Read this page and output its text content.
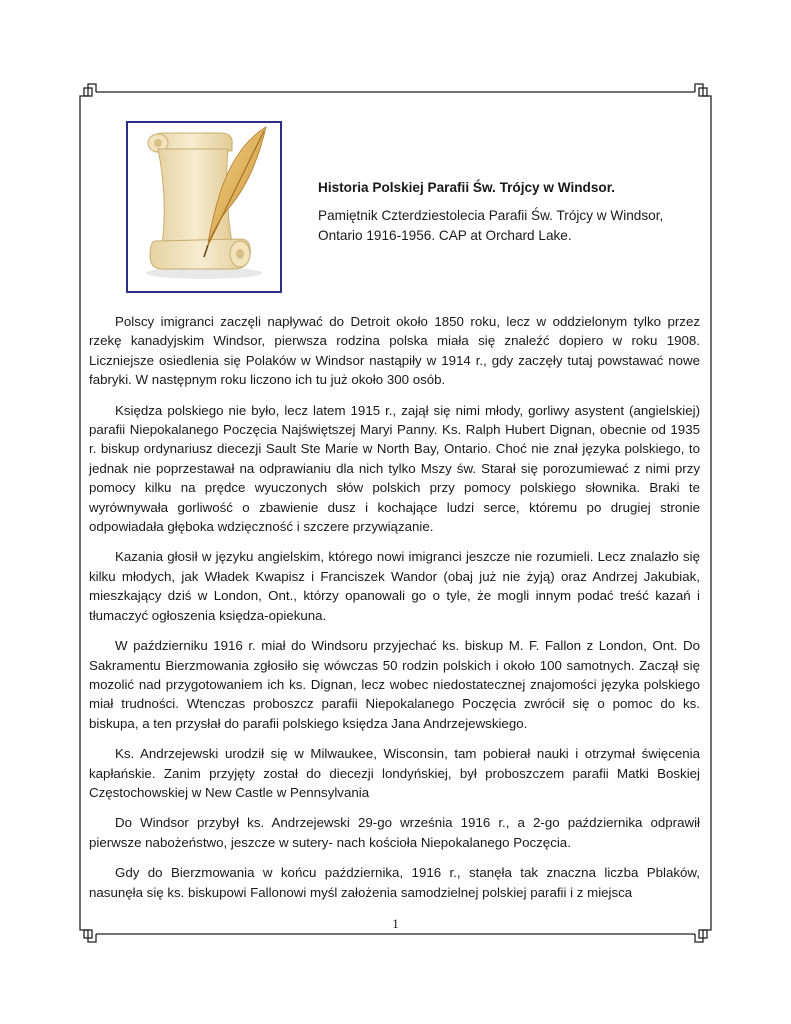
Historia Polskiej Parafii Św. Trójcy w Windsor.

Pamiętnik Czterdziestolecia Parafii Św. Trójcy w Windsor,
Ontario 1916-1956. CAP at Orchard Lake.

Polscy imigranci zaczęli napływać do Detroit około 1850 roku, lecz w oddzielonym tylko przez rzekę kanadyjskim Windsor, pierwsza rodzina polska miała się znaleźć dopiero w roku 1908. Liczniejsze osiedlenia się Polaków w Windsor nastąpiły w 1914 r., gdy zaczęły tutaj powstawać nowe fabryki. W następnym roku liczono ich tu już około 300 osób.

Księdza polskiego nie było, lecz latem 1915 r., zajął się nimi młody, gorliwy asystent (angielskiej) parafii Niepokalanego Poczęcia Najświętszej Maryi Panny. Ks. Ralph Hubert Dignan, obecnie od 1935 r. biskup ordynariusz diecezji Sault Ste Marie w North Bay, Ontario. Choć nie znał języka polskiego, to jednak nie poprzestawał na odprawianiu dla nich tylko Mszy św. Starał się porozumiewać z nimi przy pomocy kilku na prędce wyuczonych słów polskich przy pomocy polskiego słownika. Braki te wyrównywała gorliwość o zbawienie dusz i kochające ludzi serce, któremu po drugiej stronie odpowiadała głęboka wdzięczność i szczere przywiązanie.

Kazania głosił w języku angielskim, którego nowi imigranci jeszcze nie rozumieli. Lecz znalazło się kilku młodych, jak Władek Kwapisz i Franciszek Wandor (obaj już nie żyją) oraz Andrzej Jakubiak, mieszkający dziś w London, Ont., którzy opanowali go o tyle, że mogli innym podać treść kazań i tłumaczyć ogłoszenia księdza-opiekuna.

W październiku 1916 r. miał do Windsoru przyjechać ks. biskup M. F. Fallon z London, Ont. Do Sakramentu Bierzmowania zgłosiło się wówczas 50 rodzin polskich i około 100 samotnych. Zaczął się mozolić nad przygotowaniem ich ks. Dignan, lecz wobec niedostatecznej znajomości języka polskiego miał trudności. Wtenczas proboszcz parafii Niepokalanego Poczęcia zwrócił się o pomoc do ks. biskupa, a ten przysłał do parafii polskiego księdza Jana Andrzejewskiego.

Ks. Andrzejewski urodził się w Milwaukee, Wisconsin, tam pobierał nauki i otrzymał święcenia kapłańskie. Zanim przyjęty został do diecezji londyńskiej, był proboszczem parafii Matki Boskiej Częstochowskiej w New Castle w Pennsylvania

Do Windsor przybył ks. Andrzejewski 29-go września 1916 r., a 2-go października odprawił pierwsze nabożeństwo, jeszcze w sutery- nach kościoła Niepokalanego Poczęcia.

Gdy do Bierzmowania w końcu października, 1916 r., stanęła tak znaczna liczba Pblaków, nasunęła się ks. biskupowi Fallonowi myśl założenia samodzielnej polskiej parafii i z miejsca

1
